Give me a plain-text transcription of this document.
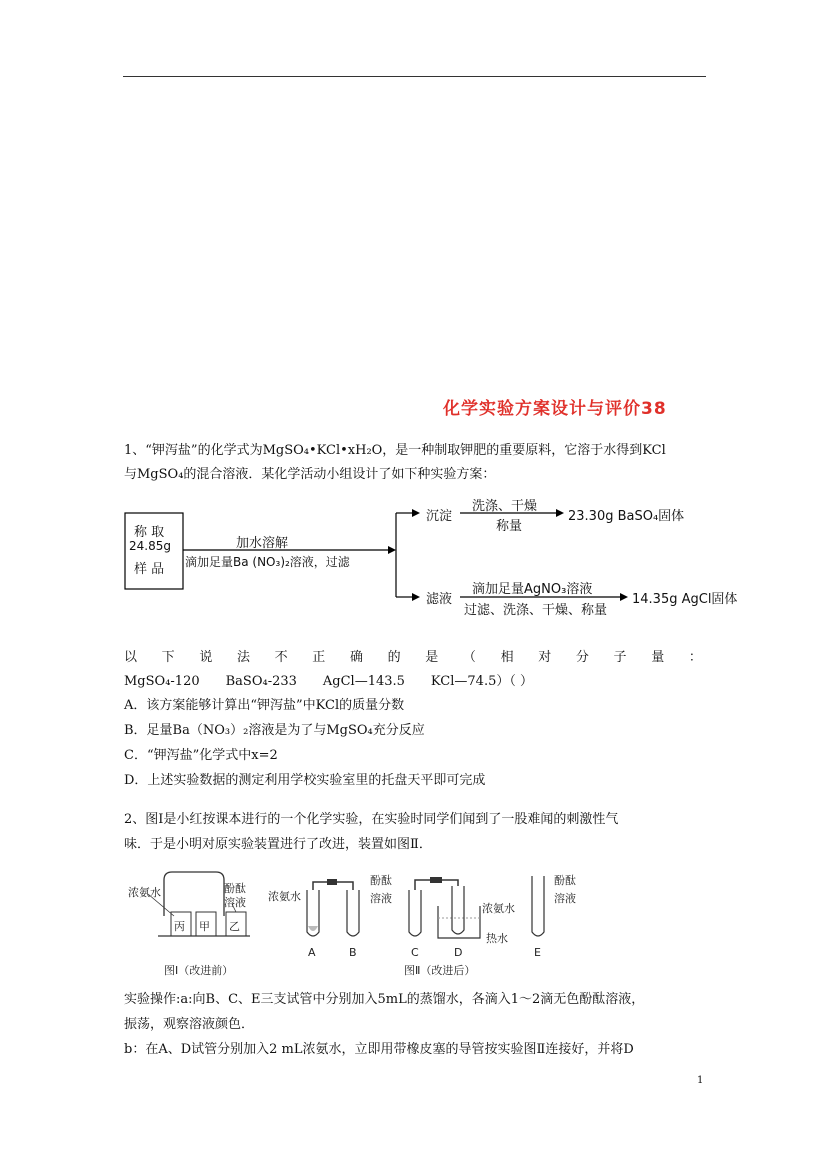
化学实验方案设计与评价38
1、“钾泻盐”的化学式为MgSO₄•KCl•xH₂O，是一种制取钾肥的重要原料，它溶于水得到KCl
与MgSO₄的混合溶液．某化学活动小组设计了如下种实验方案：
称 取
24.85g
样 品
加水溶解
滴加足量Ba (NO₃)₂溶液，过滤
沉淀
洗涤、干燥
称量
23.30g BaSO₄固体
滤液
滴加足量AgNO₃溶液
过滤、洗涤、干燥、称量
14.35g AgCl固体
以 下 说 法 不 正 确 的 是 （ 相 对 分 子 量 ：
MgSO₄-120　　BaSO₄-233　　AgCl—143.5　　KCl—74.5）（ ）
A．该方案能够计算出“钾泻盐”中KCl的质量分数
B．足量Ba（NO₃）₂溶液是为了与MgSO₄充分反应
C．“钾泻盐”化学式中x=2
D．上述实验数据的测定利用学校实验室里的托盘天平即可完成
2、图Ⅰ是小红按课本进行的一个化学实验，在实验时同学们闻到了一股难闻的刺激性气
味．于是小明对原实验装置进行了改进，装置如图Ⅱ．
浓氨水	酚酞
溶液
丙 甲 乙
图Ⅰ（改进前）
浓氨水
酚酞
溶液
浓氨水
热水
酚酞
溶液
A	B	C	D	E
图Ⅱ（改进后）
实验操作:a:向B、C、E三支试管中分别加入5mL的蒸馏水，各滴入1～2滴无色酚酞溶液，
振荡，观察溶液颜色．
b：在A、D试管分别加入2 mL浓氨水，立即用带橡皮塞的导管按实验图Ⅱ连接好，并将D
1
